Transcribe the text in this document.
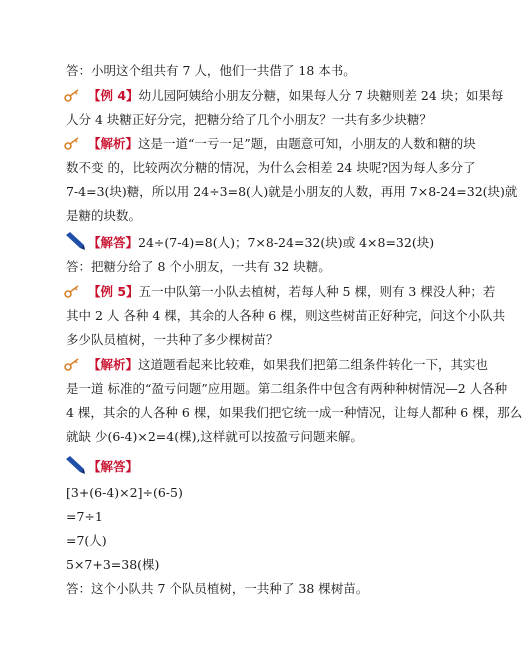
答：小明这个组共有 7 人，他们一共借了 18 本书。
【例 4】幼儿园阿姨给小朋友分糖，如果每人分 7 块糖则差 24 块；如果每
人分 4 块糖正好分完，把糖分给了几个小朋友？一共有多少块糖？
【解析】这是一道“一亏一足”题，由题意可知，小朋友的人数和糖的块
数不变 的，比较两次分糖的情况，为什么会相差 24 块呢?因为每人多分了
7-4=3(块)糖，所以用 24÷3=8(人)就是小朋友的人数，再用 7×8-24=32(块)就
是糖的块数。
【解答】24÷(7-4)=8(人)；7×8-24=32(块)或 4×8=32(块)
答：把糖分给了 8 个小朋友，一共有 32 块糖。
【例 5】五一中队第一小队去植树，若每人种 5 棵，则有 3 棵没人种；若
其中 2 人 各种 4 棵，其余的人各种 6 棵，则这些树苗正好种完，问这个小队共
多少队员植树，一共种了多少棵树苗？
【解析】这道题看起来比较难，如果我们把第二组条件转化一下，其实也
是一道 标准的“盈亏问题”应用题。第二组条件中包含有两种种树情况—2 人各种
4 棵，其余的人各种 6 棵，如果我们把它统一成一种情况，让每人都种 6 棵，那么
就缺 少(6-4)×2=4(棵),这样就可以按盈亏问题来解。
【解答】
[3+(6-4)×2]÷(6-5)
=7÷1
=7(人)
5×7+3=38(棵)
答：这个小队共 7 个队员植树，一共种了 38 棵树苗。
